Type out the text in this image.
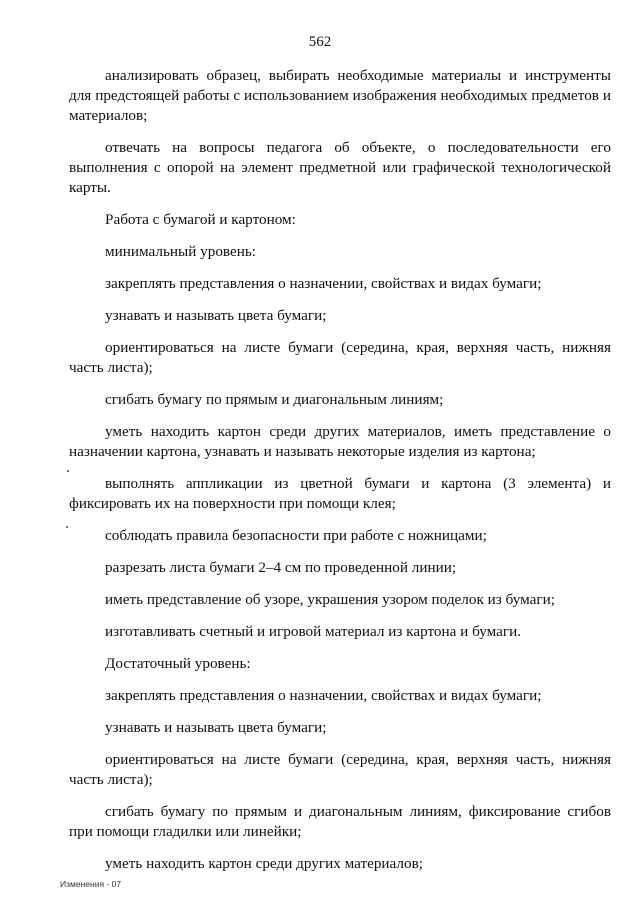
562

анализировать образец, выбирать необходимые материалы и инструменты для предстоящей работы с использованием изображения необходимых предметов и материалов;

отвечать на вопросы педагога об объекте, о последовательности его выполнения с опорой на элемент предметной или графической технологической карты.

Работа с бумагой и картоном:

минимальный уровень:

закреплять представления о назначении, свойствах и видах бумаги;

узнавать и называть цвета бумаги;

ориентироваться на листе бумаги (середина, края, верхняя часть, нижняя часть листа);

сгибать бумагу по прямым и диагональным линиям;

уметь находить картон среди других материалов, иметь представление о назначении картона, узнавать и называть некоторые изделия из картона;

выполнять аппликации из цветной бумаги и картона (3 элемента) и фиксировать их на поверхности при помощи клея;

соблюдать правила безопасности при работе с ножницами;

разрезать листа бумаги 2–4 см по проведенной линии;

иметь представление об узоре, украшения узором поделок из бумаги;

изготавливать счетный и игровой материал из картона и бумаги.

Достаточный уровень:

закреплять представления о назначении, свойствах и видах бумаги;

узнавать и называть цвета бумаги;

ориентироваться на листе бумаги (середина, края, верхняя часть, нижняя часть листа);

сгибать бумагу по прямым и диагональным линиям, фиксирование сгибов при помощи гладилки или линейки;

уметь находить картон среди других материалов;

Изменения - 07
